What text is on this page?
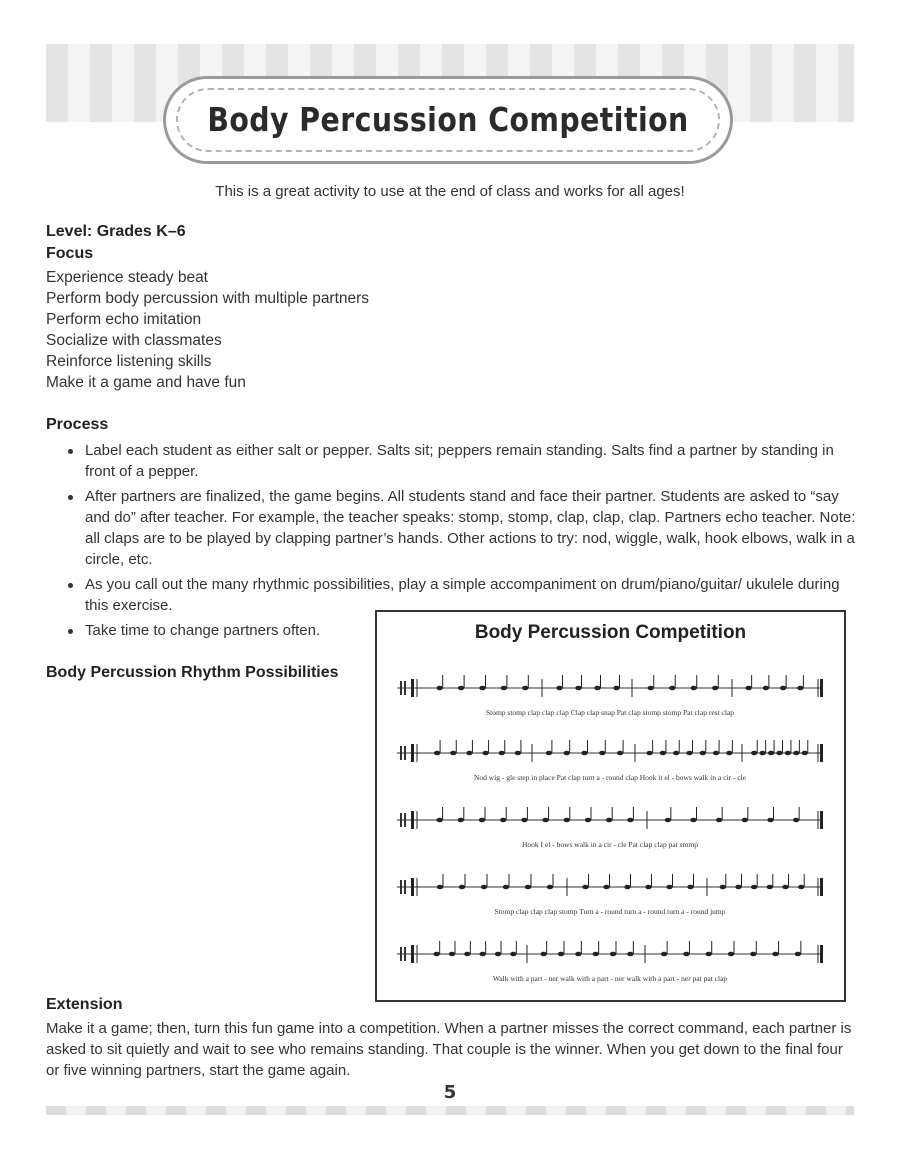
Body Percussion Competition
This is a great activity to use at the end of class and works for all ages!
Level: Grades K–6
Focus
Experience steady beat
Perform body percussion with multiple partners
Perform echo imitation
Socialize with classmates
Reinforce listening skills
Make it a game and have fun
Process
Label each student as either salt or pepper. Salts sit; peppers remain standing. Salts find a partner by standing in front of a pepper.
After partners are finalized, the game begins. All students stand and face their partner. Students are asked to “say and do” after teacher. For example, the teacher speaks: stomp, stomp, clap, clap, clap. Partners echo teacher. Note: all claps are to be played by clapping partner’s hands. Other actions to try: nod, wiggle, walk, hook elbows, walk in a circle, etc.
As you call out the many rhythmic possibilities, play a simple accompaniment on drum/piano/guitar/ ukulele during this exercise.
Take time to change partners often.
Body Percussion Rhythm Possibilities
Body Percussion Competition
Stomp stomp clap clap clap Clap clap snap Pat clap stomp stomp Pat clap rest clap
Nod wig - gle step in place Pat clap turn a - round clap Hook it el - bows walk in a cir - cle
Hook I el - bows walk in a cir - cle Pat clap clap pat stomp
Stomp clap clap clap stomp Turn a - round turn a - round turn a - round jump
Walk with a part - ner walk with a part - ner walk with a part - ner pat pat clap
Extension
Make it a game; then, turn this fun game into a competition. When a partner misses the correct command, each partner is asked to sit quietly and wait to see who remains standing. That couple is the winner. When you get down to the final four or five winning partners, start the game again.
5
